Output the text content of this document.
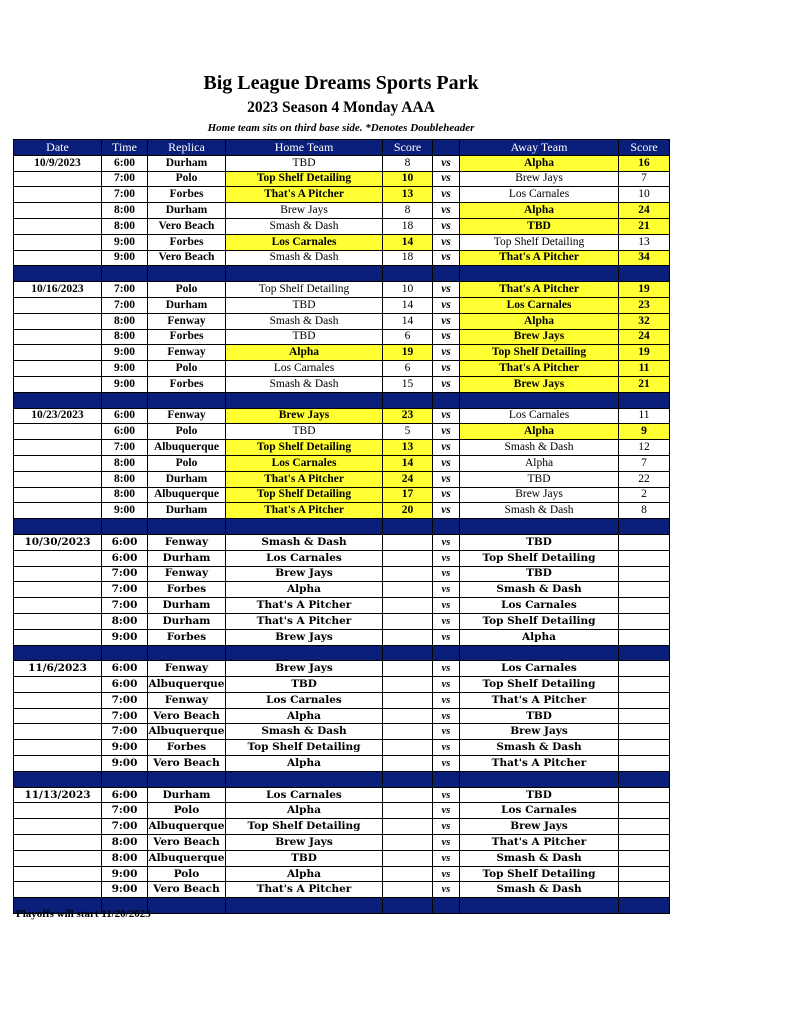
Big League Dreams Sports Park
2023 Season 4 Monday AAA
Home team sits on third base side. *Denotes Doubleheader
Date	Time	Replica	Home Team	Score		Away Team	Score
10/9/2023	6:00	Durham	TBD	8	vs	Alpha	16
	7:00	Polo	Top Shelf Detailing	10	vs	Brew Jays	7
	7:00	Forbes	That's A Pitcher	13	vs	Los Carnales	10
	8:00	Durham	Brew Jays	8	vs	Alpha	24
	8:00	Vero Beach	Smash & Dash	18	vs	TBD	21
	9:00	Forbes	Los Carnales	14	vs	Top Shelf Detailing	13
	9:00	Vero Beach	Smash & Dash	18	vs	That's A Pitcher	34

10/16/2023	7:00	Polo	Top Shelf Detailing	10	vs	That's A Pitcher	19
	7:00	Durham	TBD	14	vs	Los Carnales	23
	8:00	Fenway	Smash & Dash	14	vs	Alpha	32
	8:00	Forbes	TBD	6	vs	Brew Jays	24
	9:00	Fenway	Alpha	19	vs	Top Shelf Detailing	19
	9:00	Polo	Los Carnales	6	vs	That's A Pitcher	11
	9:00	Forbes	Smash & Dash	15	vs	Brew Jays	21

10/23/2023	6:00	Fenway	Brew Jays	23	vs	Los Carnales	11
	6:00	Polo	TBD	5	vs	Alpha	9
	7:00	Albuquerque	Top Shelf Detailing	13	vs	Smash & Dash	12
	8:00	Polo	Los Carnales	14	vs	Alpha	7
	8:00	Durham	That's A Pitcher	24	vs	TBD	22
	8:00	Albuquerque	Top Shelf Detailing	17	vs	Brew Jays	2
	9:00	Durham	That's A Pitcher	20	vs	Smash & Dash	8

10/30/2023	6:00	Fenway	Smash & Dash		vs	TBD	
	6:00	Durham	Los Carnales		vs	Top Shelf Detailing	
	7:00	Fenway	Brew Jays		vs	TBD	
	7:00	Forbes	Alpha		vs	Smash & Dash	
	7:00	Durham	That's A Pitcher		vs	Los Carnales	
	8:00	Durham	That's A Pitcher		vs	Top Shelf Detailing	
	9:00	Forbes	Brew Jays		vs	Alpha	

11/6/2023	6:00	Fenway	Brew Jays		vs	Los Carnales	
	6:00	Albuquerque	TBD		vs	Top Shelf Detailing	
	7:00	Fenway	Los Carnales		vs	That's A Pitcher	
	7:00	Vero Beach	Alpha		vs	TBD	
	7:00	Albuquerque	Smash & Dash		vs	Brew Jays	
	9:00	Forbes	Top Shelf Detailing		vs	Smash & Dash	
	9:00	Vero Beach	Alpha		vs	That's A Pitcher	

11/13/2023	6:00	Durham	Los Carnales		vs	TBD	
	7:00	Polo	Alpha		vs	Los Carnales	
	7:00	Albuquerque	Top Shelf Detailing		vs	Brew Jays	
	8:00	Vero Beach	Brew Jays		vs	That's A Pitcher	
	8:00	Albuquerque	TBD		vs	Smash & Dash	
	9:00	Polo	Alpha		vs	Top Shelf Detailing	
	9:00	Vero Beach	That's A Pitcher		vs	Smash & Dash	

Playoffs will start 11/20/2023
